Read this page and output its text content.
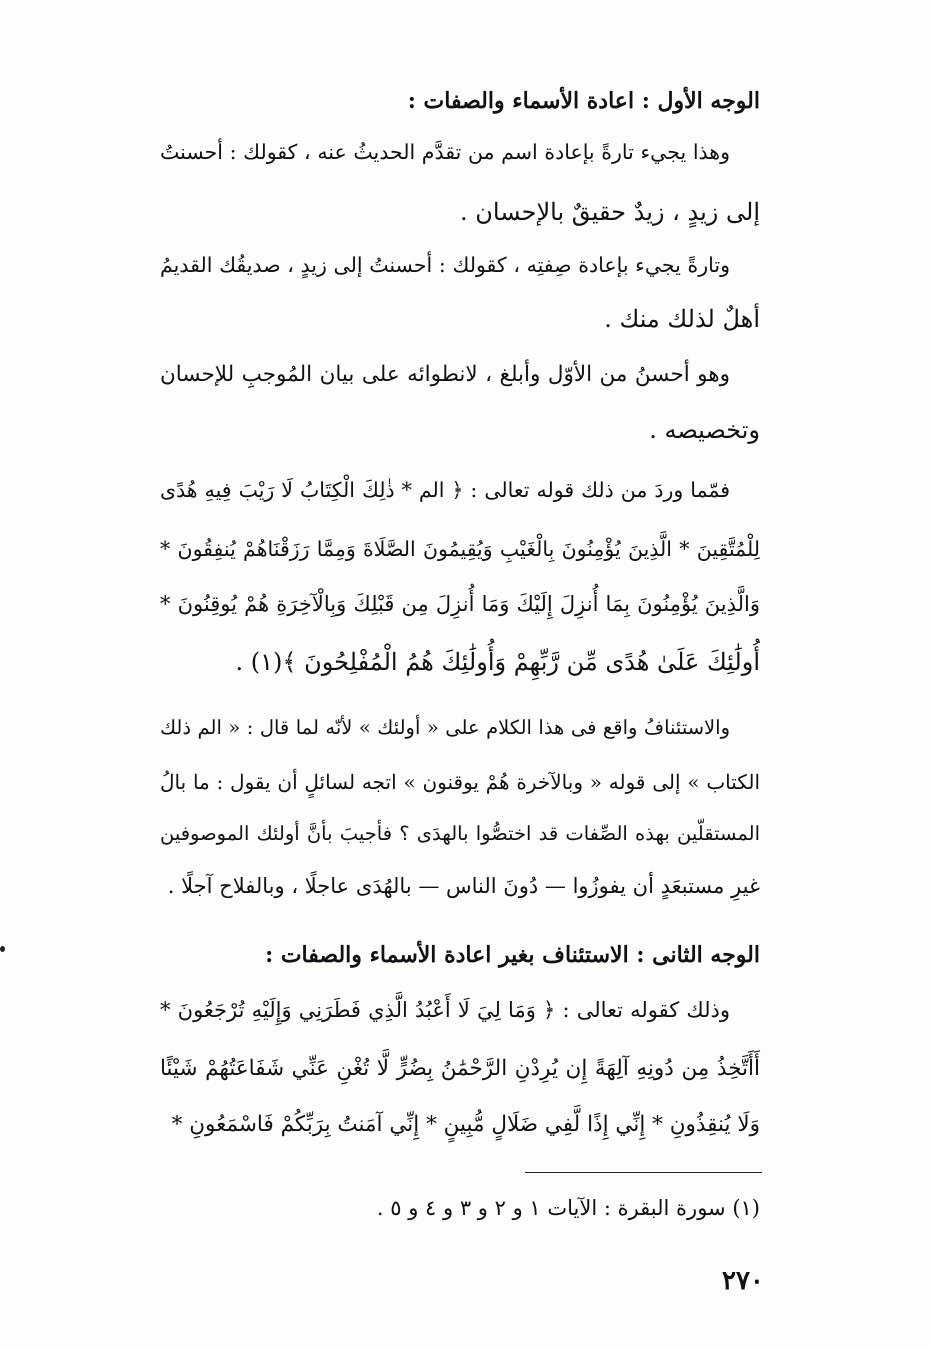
الوجه الأول : اعادة الأسماء والصفات :
وهذا يجيء تارةً بإعادة اسم من تقدَّم الحديثُ عنه ، كقولك : أحسنتُ
إلى زيدٍ ، زيدٌ حقيقٌ بالإحسان .
وتارةً يجيء بإعادة صِفتِه ، كقولك : أحسنتُ إلى زيدٍ ، صديقُك القديمُ
أهلٌ لذلك منك .
وهو أحسنُ من الأوّل وأبلغ ، لانطوائه على بيان المُوجبِ للإحسان
وتخصيصه .
فمّما وردَ من ذلك قوله تعالى : ﴿ الم * ذٰلِكَ الْكِتَابُ لَا رَيْبَ فِيهِ هُدًى
لِلْمُتَّقِينَ * الَّذِينَ يُؤْمِنُونَ بِالْغَيْبِ وَيُقِيمُونَ الصَّلَاةَ وَمِمَّا رَزَقْنَاهُمْ يُنفِقُونَ *
وَالَّذِينَ يُؤْمِنُونَ بِمَا أُنزِلَ إِلَيْكَ وَمَا أُنزِلَ مِن قَبْلِكَ وَبِالْآخِرَةِ هُمْ يُوقِنُونَ *
أُولَٰئِكَ عَلَىٰ هُدًى مِّن رَّبِّهِمْ وَأُولَٰئِكَ هُمُ الْمُفْلِحُونَ ﴾(١) .
والاستئنافُ واقع فى هذا الكلام على « أولئك » لأنّه لما قال : « الم ذلك
الكتاب » إلى قوله « وبالآخرة هُمْ يوقنون » اتجه لسائلٍ أن يقول : ما بالُ
المستقلّين بهذه الصِّفات قد اختصُّوا بالهدَى ؟ فأجيبَ بأنَّ أولئك الموصوفين
غيرِ مستبعَدٍ أن يفوزُوا — دُونَ الناس — بالهُدَى عاجلًا ، وبالفلاح آجلًا .
الوجه الثانى : الاستئناف بغير اعادة الأسماء والصفات :
وذلك كقوله تعالى : ﴿ وَمَا لِيَ لَا أَعْبُدُ الَّذِي فَطَرَنِي وَإِلَيْهِ تُرْجَعُونَ *
أَأَتَّخِذُ مِن دُونِهِ آلِهَةً إِن يُرِدْنِ الرَّحْمَٰنُ بِضُرٍّ لَّا تُغْنِ عَنِّي شَفَاعَتُهُمْ شَيْئًا
وَلَا يُنقِذُونِ * إِنِّي إِذًا لَّفِي ضَلَالٍ مُّبِينٍ * إِنِّي آمَنتُ بِرَبِّكُمْ فَاسْمَعُونِ *
(١) سورة البقرة : الآيات ١ و ٢ و ٣ و ٤ و ٥ .
٢٧٠
